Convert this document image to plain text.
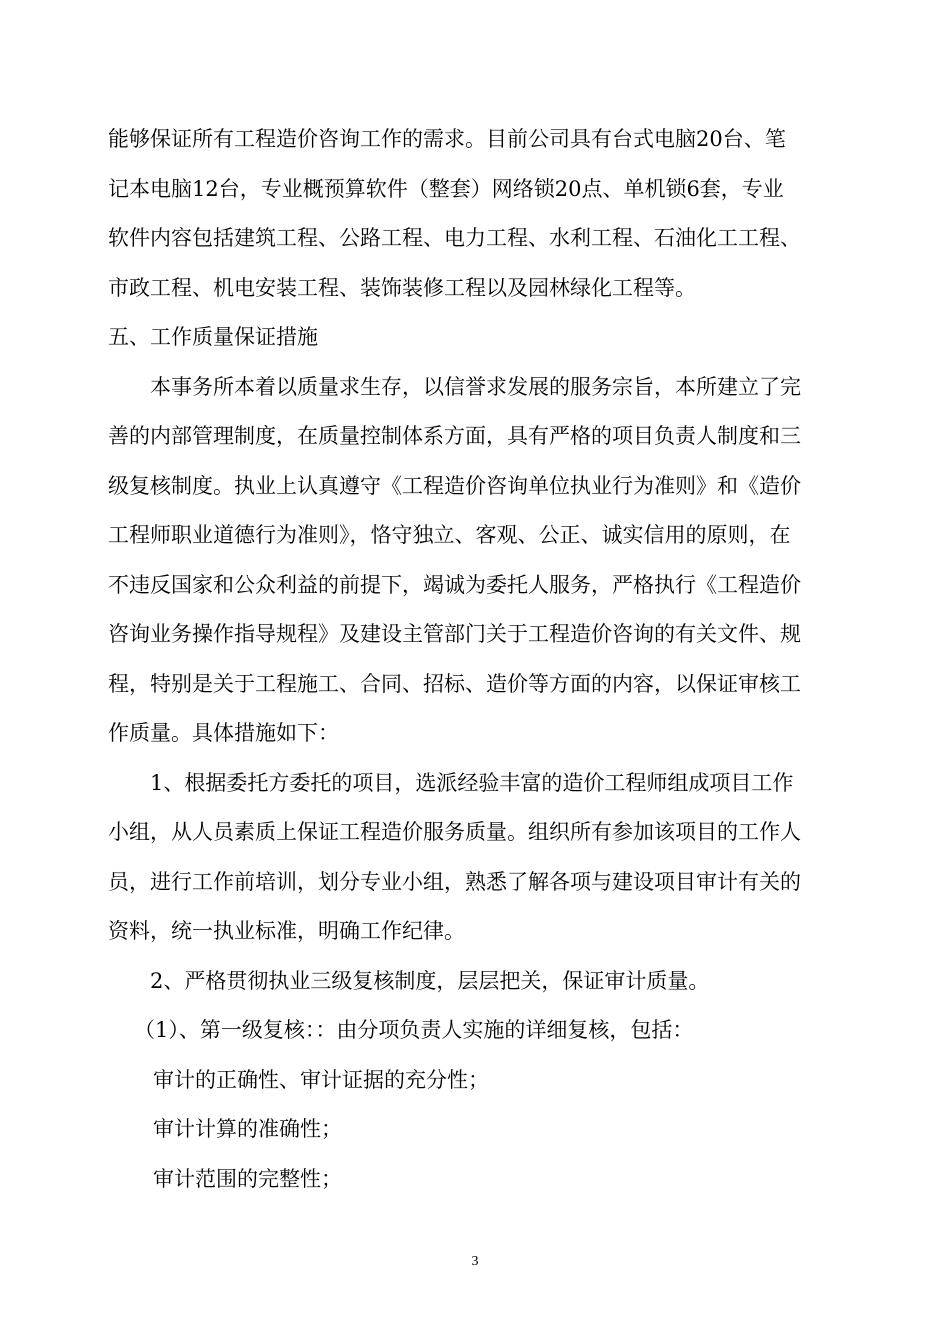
能够保证所有工程造价咨询工作的需求。目前公司具有台式电脑20台、笔
记本电脑12台，专业概预算软件（整套）网络锁20点、单机锁6套，专业
软件内容包括建筑工程、公路工程、电力工程、水利工程、石油化工工程、
市政工程、机电安装工程、装饰装修工程以及园林绿化工程等。
五、工作质量保证措施
本事务所本着以质量求生存，以信誉求发展的服务宗旨，本所建立了完
善的内部管理制度，在质量控制体系方面，具有严格的项目负责人制度和三
级复核制度。执业上认真遵守《工程造价咨询单位执业行为准则》和《造价
工程师职业道德行为准则》，恪守独立、客观、公正、诚实信用的原则，在
不违反国家和公众利益的前提下，竭诚为委托人服务，严格执行《工程造价
咨询业务操作指导规程》及建设主管部门关于工程造价咨询的有关文件、规
程，特别是关于工程施工、合同、招标、造价等方面的内容，以保证审核工
作质量。具体措施如下：
1、根据委托方委托的项目，选派经验丰富的造价工程师组成项目工作
小组，从人员素质上保证工程造价服务质量。组织所有参加该项目的工作人
员，进行工作前培训，划分专业小组，熟悉了解各项与建设项目审计有关的
资料，统一执业标准，明确工作纪律。
2、严格贯彻执业三级复核制度，层层把关，保证审计质量。
（1）、第一级复核：：由分项负责人实施的详细复核，包括：
审计的正确性、审计证据的充分性；
审计计算的准确性；
审计范围的完整性；
3
